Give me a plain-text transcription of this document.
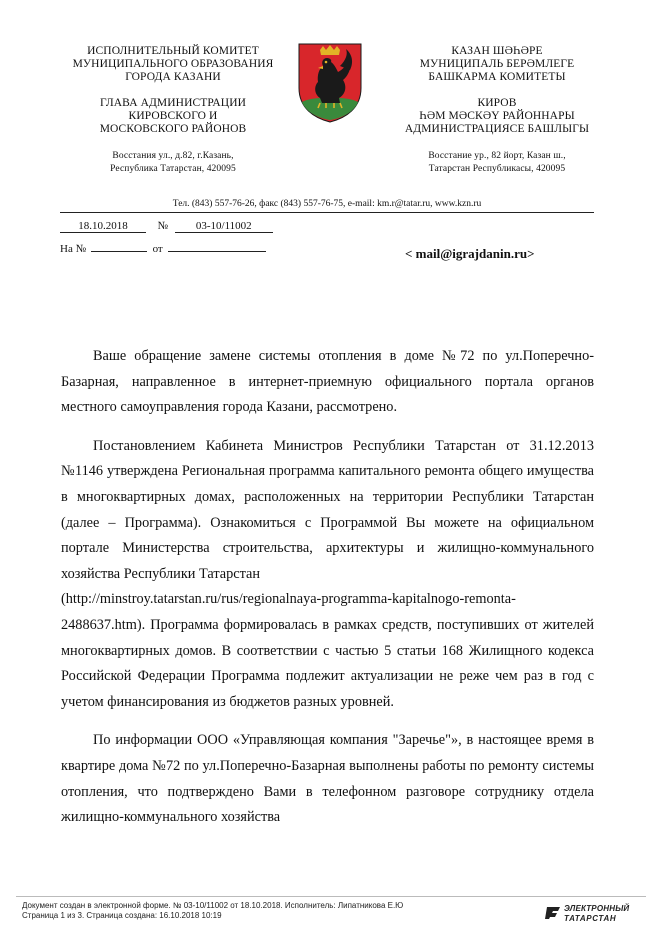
ИСПОЛНИТЕЛЬНЫЙ КОМИТЕТ
МУНИЦИПАЛЬНОГО ОБРАЗОВАНИЯ
ГОРОДА КАЗАНИ
ГЛАВА АДМИНИСТРАЦИИ
КИРОВСКОГО И
МОСКОВСКОГО РАЙОНОВ
Восстания ул., д.82, г.Казань,
Республика Татарстан, 420095
КАЗАН ШӘҺӘРЕ
МУНИЦИПАЛЬ БЕРӘМЛЕГЕ
БАШКАРМА КОМИТЕТЫ
КИРОВ
ҺӘМ МӘСКӘҮ РАЙОННАРЫ
АДМИНИСТРАЦИЯСЕ БАШЛЫГЫ
Восстание ур., 82 йорт, Казан ш.,
Татарстан Республикасы, 420095
Тел. (843) 557-76-26, факс (843) 557-76-75, e-mail: km.r@tatar.ru, www.kzn.ru
18.10.2018	№	03-10/11002
На №	от	< mail@igrajdanin.ru>

Ваше обращение замене системы отопления в доме №72 по ул.Поперечно-Базарная, направленное в интернет-приемную официального портала органов местного самоуправления города Казани, рассмотрено.

Постановлением Кабинета Министров Республики Татарстан от 31.12.2013 №1146 утверждена Региональная программа капитального ремонта общего имущества в многоквартирных домах, расположенных на территории Республики Татарстан (далее – Программа). Ознакомиться с Программой Вы можете на официальном портале Министерства строительства, архитектуры и жилищно-коммунального хозяйства Республики Татарстан
(http://minstroy.tatarstan.ru/rus/regionalnaya-programma-kapitalnogo-remonta-2488637.htm). Программа формировалась в рамках средств, поступивших от жителей многоквартирных домов. В соответствии с частью 5 статьи 168 Жилищного кодекса Российской Федерации Программа подлежит актуализации не реже чем раз в год с учетом финансирования из бюджетов разных уровней.

По информации ООО «Управляющая компания "Заречье"», в настоящее время в квартире дома №72 по ул.Поперечно-Базарная выполнены работы по ремонту системы отопления, что подтверждено Вами в телефонном разговоре сотруднику отдела жилищно-коммунального хозяйства

Документ создан в электронной форме. № 03-10/11002 от 18.10.2018. Исполнитель: Липатникова Е.Ю
Страница 1 из 3. Страница создана: 16.10.2018 10:19
ЭЛЕКТРОННЫЙ
ТАТАРСТАН
